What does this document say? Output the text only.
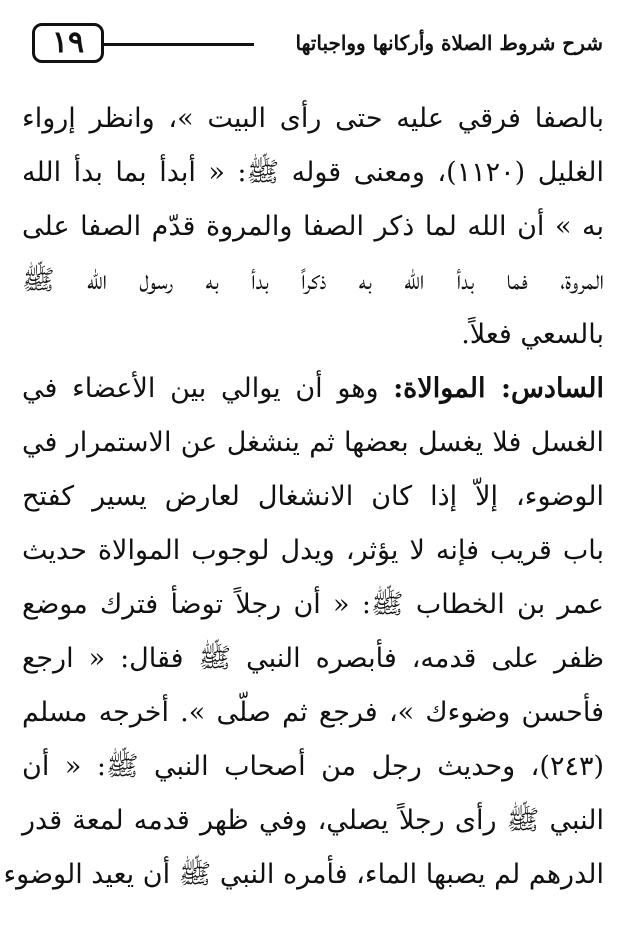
١٩	شرح شروط الصلاة وأركانها وواجباتها
بالصفا فرقي عليه حتى رأى البيت »، وانظر إرواء
الغليل (١١٢٠)، ومعنى قوله ﷺ: « أبدأ بما بدأ الله
به » أن الله لما ذكر الصفا والمروة قدّم الصفا على
المروة، فما بدأ الله به ذكراً بدأ به رسول الله ﷺ
بالسعي فعلاً.
السادس: الموالاة: وهو أن يوالي بين الأعضاء في
الغسل فلا يغسل بعضها ثم ينشغل عن الاستمرار في
الوضوء، إلاّ إذا كان الانشغال لعارض يسير كفتح
باب قريب فإنه لا يؤثر، ويدل لوجوب الموالاة حديث
عمر بن الخطاب ﷺ: « أن رجلاً توضأ فترك موضع
ظفر على قدمه، فأبصره النبي ﷺ فقال: « ارجع
فأحسن وضوءك »، فرجع ثم صلّى ». أخرجه مسلم
(٢٤٣)، وحديث رجل من أصحاب النبي ﷺ: « أن
النبي ﷺ رأى رجلاً يصلي، وفي ظهر قدمه لمعة قدر
الدرهم لم يصبها الماء، فأمره النبي ﷺ أن يعيد الوضوء
